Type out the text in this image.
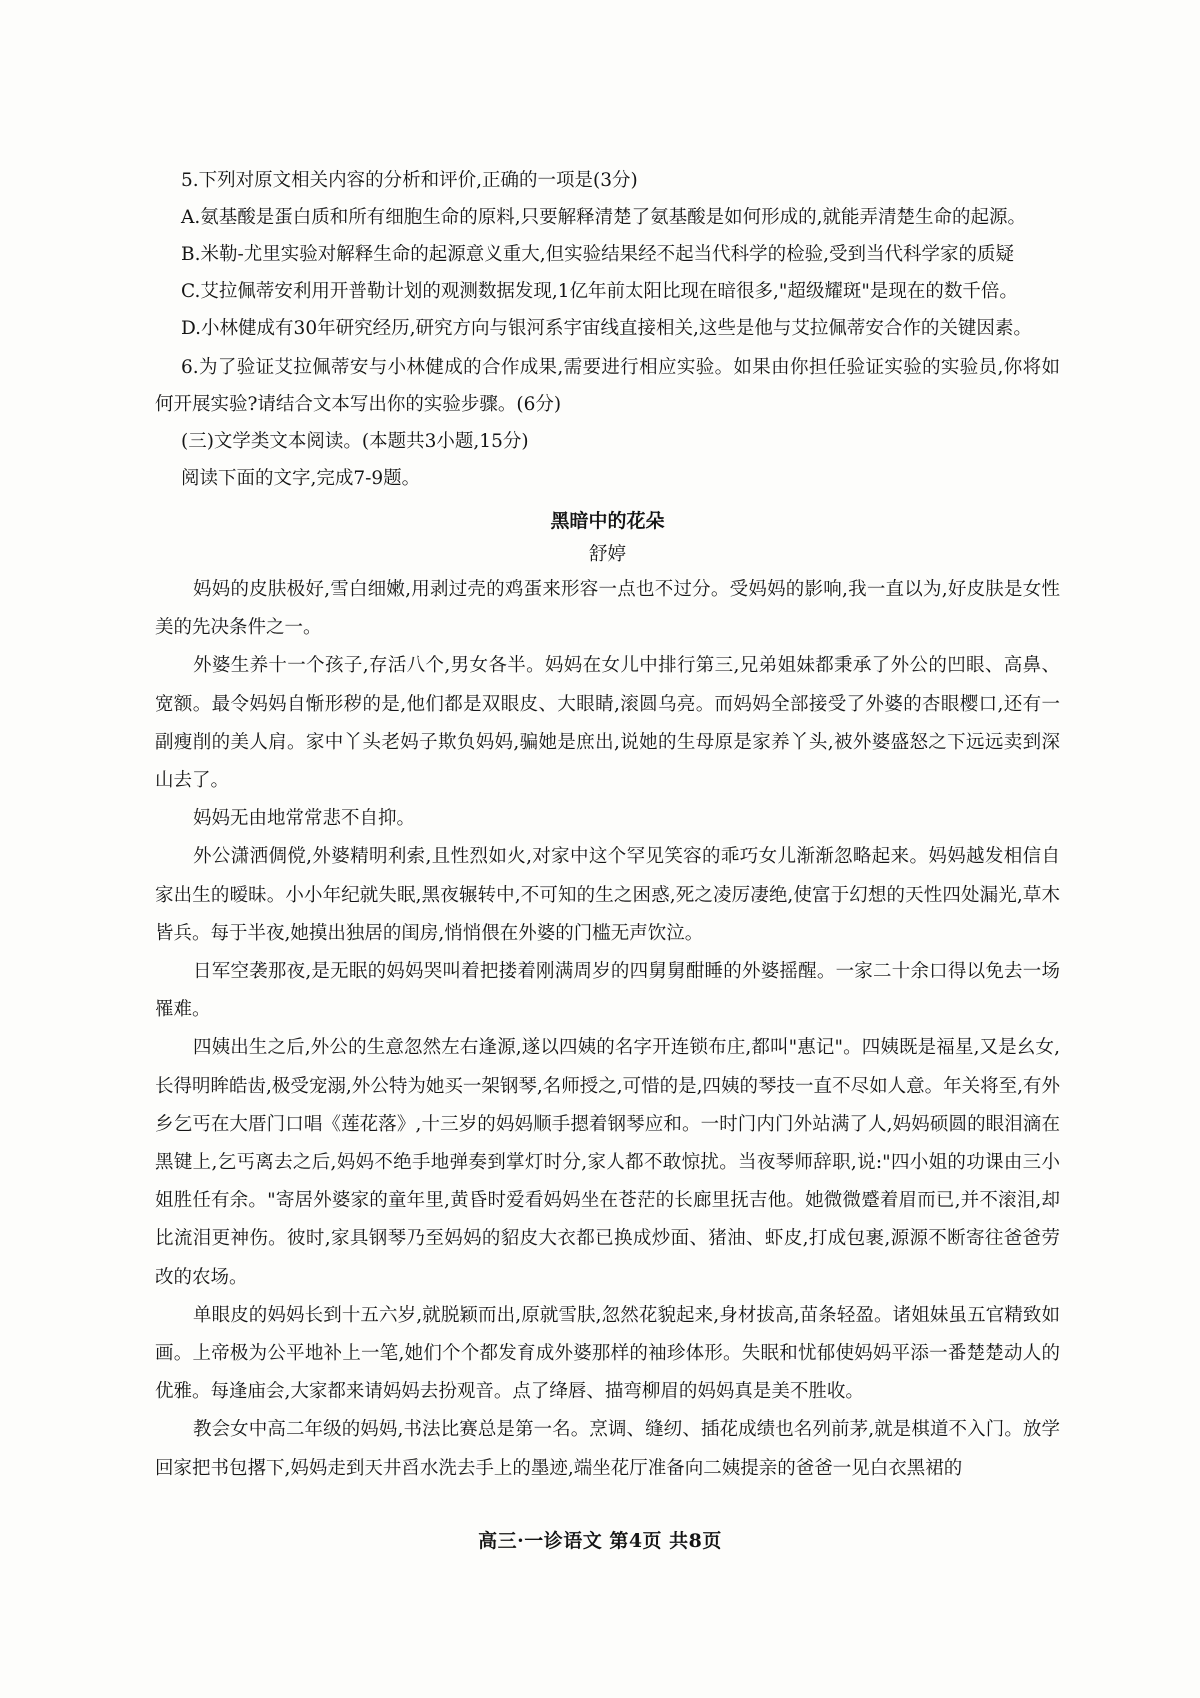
5.下列对原文相关内容的分析和评价,正确的一项是(3分)

A.氨基酸是蛋白质和所有细胞生命的原料,只要解释清楚了氨基酸是如何形成的,就能弄清楚生命的起源。

B.米勒-尤里实验对解释生命的起源意义重大,但实验结果经不起当代科学的检验,受到当代科学家的质疑

C.艾拉佩蒂安利用开普勒计划的观测数据发现,1亿年前太阳比现在暗很多,"超级耀斑"是现在的数千倍。

D.小林健成有30年研究经历,研究方向与银河系宇宙线直接相关,这些是他与艾拉佩蒂安合作的关键因素。

6.为了验证艾拉佩蒂安与小林健成的合作成果,需要进行相应实验。如果由你担任验证实验的实验员,你将如何开展实验?请结合文本写出你的实验步骤。(6分)

(三)文学类文本阅读。(本题共3小题,15分)

阅读下面的文字,完成7-9题。

黑暗中的花朵

舒婷

妈妈的皮肤极好,雪白细嫩,用剥过壳的鸡蛋来形容一点也不过分。受妈妈的影响,我一直以为,好皮肤是女性美的先决条件之一。

外婆生养十一个孩子,存活八个,男女各半。妈妈在女儿中排行第三,兄弟姐妹都秉承了外公的凹眼、高鼻、宽额。最令妈妈自惭形秽的是,他们都是双眼皮、大眼睛,滚圆乌亮。而妈妈全部接受了外婆的杏眼樱口,还有一副瘦削的美人肩。家中丫头老妈子欺负妈妈,骗她是庶出,说她的生母原是家养丫头,被外婆盛怒之下远远卖到深山去了。

妈妈无由地常常悲不自抑。

外公潇洒倜傥,外婆精明利索,且性烈如火,对家中这个罕见笑容的乖巧女儿渐渐忽略起来。妈妈越发相信自家出生的暧昧。小小年纪就失眠,黑夜辗转中,不可知的生之困惑,死之凌厉凄绝,使富于幻想的天性四处漏光,草木皆兵。每于半夜,她摸出独居的闺房,悄悄偎在外婆的门槛无声饮泣。

日军空袭那夜,是无眠的妈妈哭叫着把搂着刚满周岁的四舅舅酣睡的外婆摇醒。一家二十余口得以免去一场罹难。

四姨出生之后,外公的生意忽然左右逢源,遂以四姨的名字开连锁布庄,都叫"惠记"。四姨既是福星,又是幺女,长得明眸皓齿,极受宠溺,外公特为她买一架钢琴,名师授之,可惜的是,四姨的琴技一直不尽如人意。年关将至,有外乡乞丐在大厝门口唱《莲花落》,十三岁的妈妈顺手摁着钢琴应和。一时门内门外站满了人,妈妈硕圆的眼泪滴在黑键上,乞丐离去之后,妈妈不绝手地弹奏到掌灯时分,家人都不敢惊扰。当夜琴师辞职,说:"四小姐的功课由三小姐胜任有余。"寄居外婆家的童年里,黄昏时爱看妈妈坐在苍茫的长廊里抚吉他。她微微蹙着眉而已,并不滚泪,却比流泪更神伤。彼时,家具钢琴乃至妈妈的貂皮大衣都已换成炒面、猪油、虾皮,打成包裹,源源不断寄往爸爸劳改的农场。

单眼皮的妈妈长到十五六岁,就脱颖而出,原就雪肤,忽然花貌起来,身材拔高,苗条轻盈。诸姐妹虽五官精致如画。上帝极为公平地补上一笔,她们个个都发育成外婆那样的袖珍体形。失眠和忧郁使妈妈平添一番楚楚动人的优雅。每逢庙会,大家都来请妈妈去扮观音。点了绛唇、描弯柳眉的妈妈真是美不胜收。

教会女中高二年级的妈妈,书法比赛总是第一名。烹调、缝纫、插花成绩也名列前茅,就是棋道不入门。放学回家把书包撂下,妈妈走到天井舀水洗去手上的墨迹,端坐花厅准备向二姨提亲的爸爸一见白衣黑裙的

高三·一诊语文 第4页 共8页
